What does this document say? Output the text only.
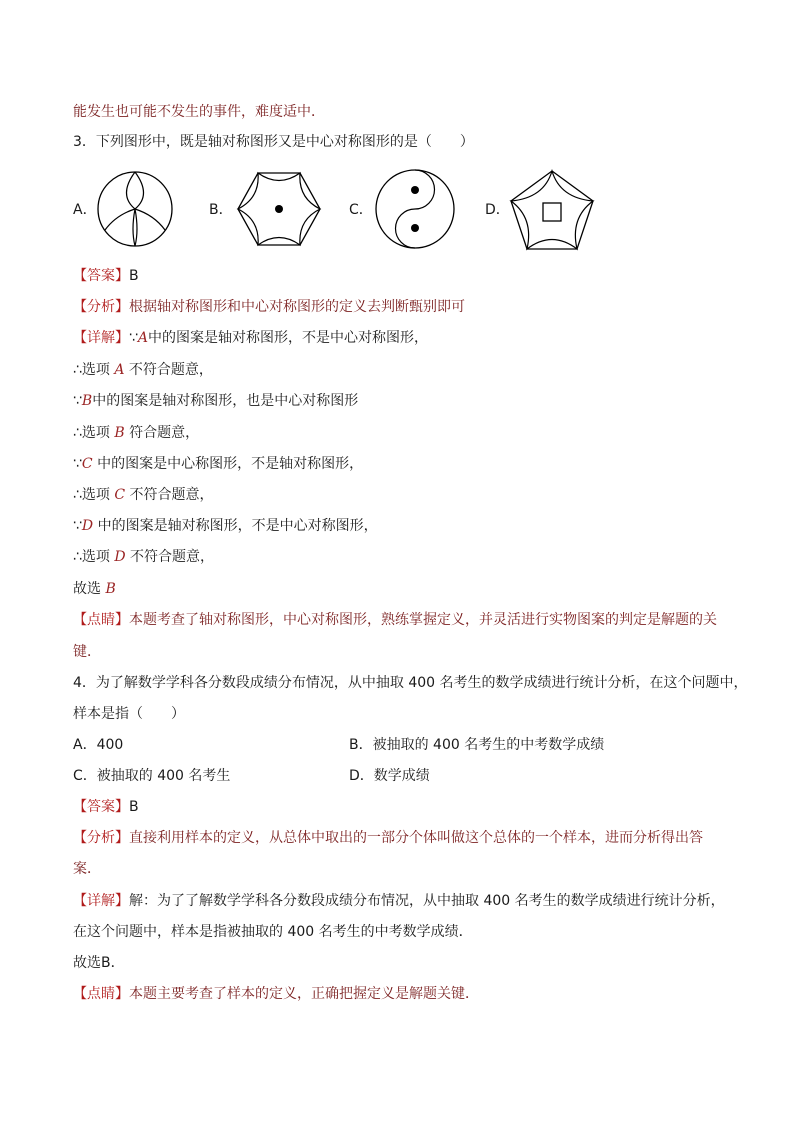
能发生也可能不发生的事件，难度适中．
3．下列图形中，既是轴对称图形又是中心对称图形的是（　　）
A．	B．	C．	D．
【答案】B
【分析】根据轴对称图形和中心对称图形的定义去判断甄别即可
【详解】∵A中的图案是轴对称图形，不是中心对称图形，
∴选项 A 不符合题意，
∵B中的图案是轴对称图形，也是中心对称图形
∴选项 B 符合题意，
∵C 中的图案是中心称图形，不是轴对称图形，
∴选项 C 不符合题意，
∵D 中的图案是轴对称图形，不是中心对称图形，
∴选项 D 不符合题意，
故选 B
【点睛】本题考查了轴对称图形，中心对称图形，熟练掌握定义，并灵活进行实物图案的判定是解题的关
键．
4．为了解数学学科各分数段成绩分布情况，从中抽取 400 名考生的数学成绩进行统计分析，在这个问题中，
样本是指（　　）
A．400	B．被抽取的 400 名考生的中考数学成绩
C．被抽取的 400 名考生	D．数学成绩
【答案】B
【分析】直接利用样本的定义，从总体中取出的一部分个体叫做这个总体的一个样本，进而分析得出答
案．
【详解】解：为了了解数学学科各分数段成绩分布情况，从中抽取 400 名考生的数学成绩进行统计分析，
在这个问题中，样本是指被抽取的 400 名考生的中考数学成绩．
故选B．
【点睛】本题主要考查了样本的定义，正确把握定义是解题关键．
